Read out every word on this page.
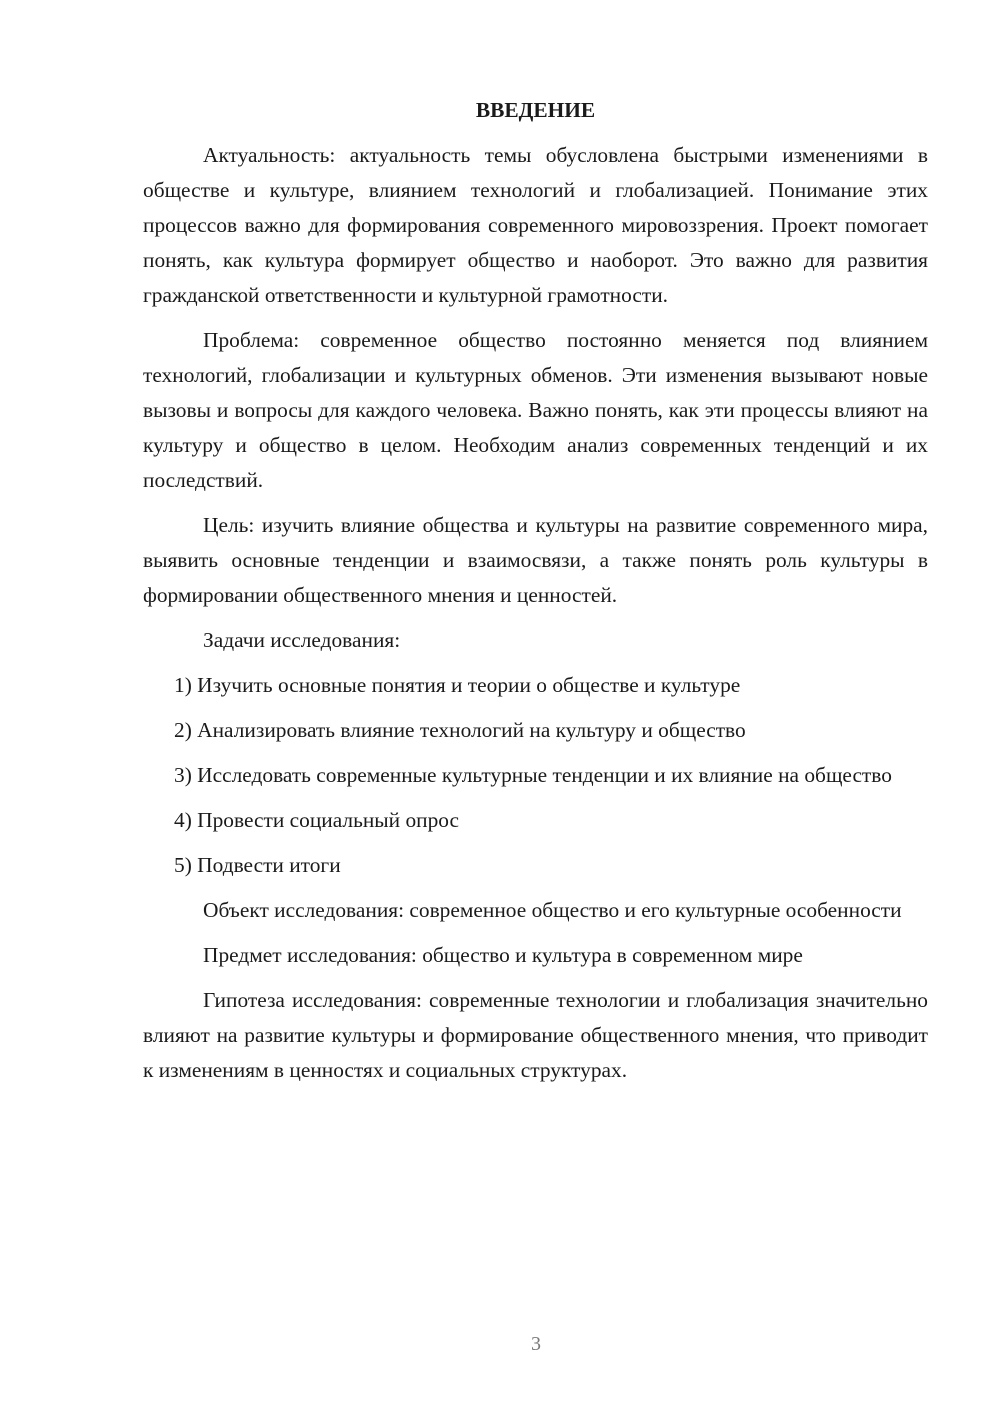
ВВЕДЕНИЕ

Актуальность: актуальность темы обусловлена быстрыми изменениями в обществе и культуре, влиянием технологий и глобализацией. Понимание этих процессов важно для формирования современного мировоззрения. Проект помогает понять, как культура формирует общество и наоборот. Это важно для развития гражданской ответственности и культурной грамотности.

Проблема: современное общество постоянно меняется под влиянием технологий, глобализации и культурных обменов. Эти изменения вызывают новые вызовы и вопросы для каждого человека. Важно понять, как эти процессы влияют на культуру и общество в целом. Необходим анализ современных тенденций и их последствий.

Цель: изучить влияние общества и культуры на развитие современного мира, выявить основные тенденции и взаимосвязи, а также понять роль культуры в формировании общественного мнения и ценностей.

Задачи исследования:

1) Изучить основные понятия и теории о обществе и культуре

2) Анализировать влияние технологий на культуру и общество

3) Исследовать современные культурные тенденции и их влияние на общество

4) Провести социальный опрос

5) Подвести итоги

Объект исследования: современное общество и его культурные особенности

Предмет исследования: общество и культура в современном мире

Гипотеза исследования: современные технологии и глобализация значительно влияют на развитие культуры и формирование общественного мнения, что приводит к изменениям в ценностях и социальных структурах.

3
